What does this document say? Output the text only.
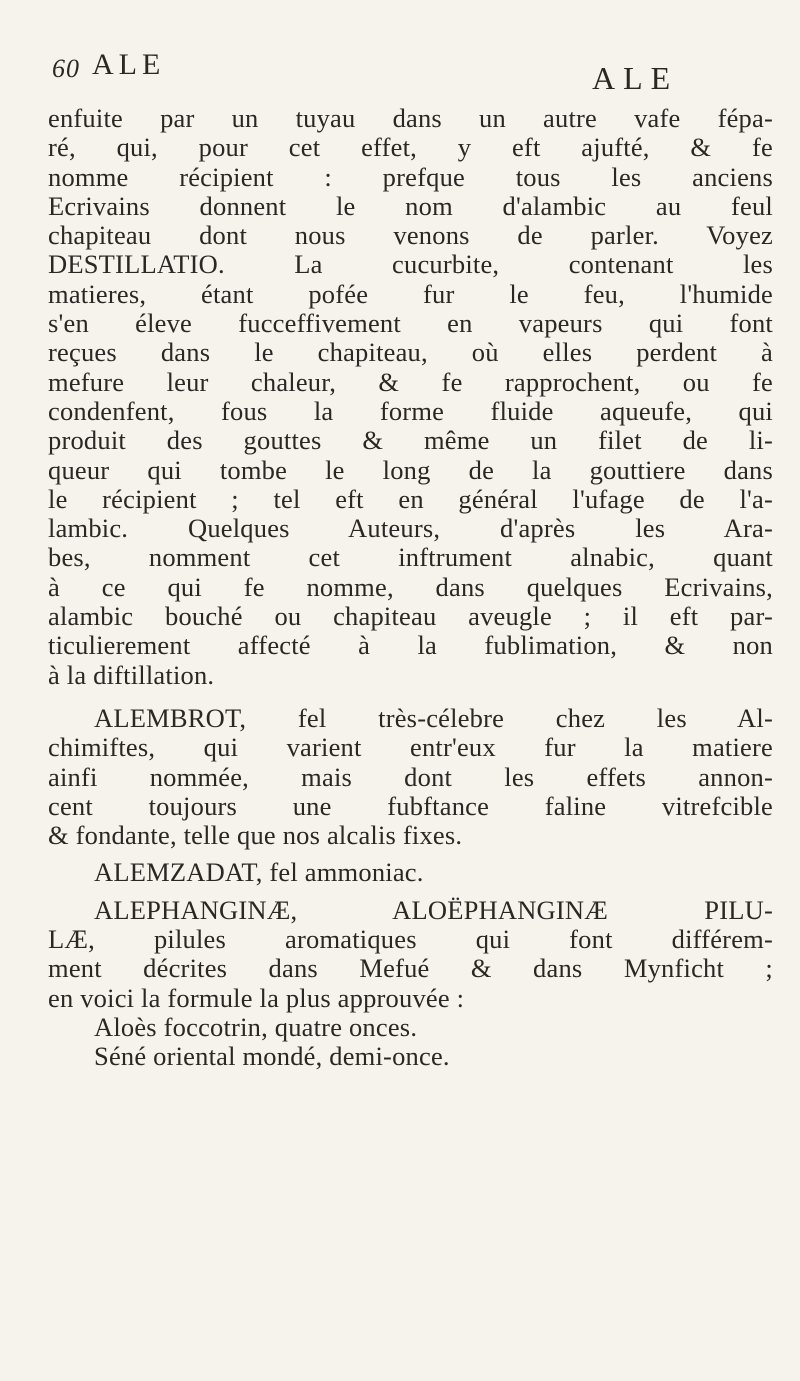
60 ALE	ALE
enfuite par un tuyau dans un autre vafe fépa-
ré, qui, pour cet effet, y eft ajufté, & fe
nomme récipient : prefque tous les anciens
Ecrivains donnent le nom d'alambic au feul
chapiteau dont nous venons de parler. Voyez
DESTILLATIO. La cucurbite, contenant les
matieres, étant pofée fur le feu, l'humide
s'en éleve fucceffivement en vapeurs qui font
reçues dans le chapiteau, où elles perdent à
mefure leur chaleur, & fe rapprochent, ou fe
condenfent, fous la forme fluide aqueufe, qui
produit des gouttes & même un filet de li-
queur qui tombe le long de la gouttiere dans
le récipient ; tel eft en général l'ufage de l'a-
lambic. Quelques Auteurs, d'après les Ara-
bes, nomment cet inftrument alnabic, quant
à ce qui fe nomme, dans quelques Ecrivains,
alambic bouché ou chapiteau aveugle ; il eft par-
ticulierement affecté à la fublimation, & non
à la diftillation.
ALEMBROT, fel très-célebre chez les Al-
chimiftes, qui varient entr'eux fur la matiere
ainfi nommée, mais dont les effets annon-
cent toujours une fubftance faline vitrefcible
& fondante, telle que nos alcalis fixes.
ALEMZADAT, fel ammoniac.
ALEPHANGINÆ, ALOËPHANGINÆ PILU-
LÆ, pilules aromatiques qui font différem-
ment décrites dans Mefué & dans Mynficht ;
en voici la formule la plus approuvée :
Aloès foccotrin, quatre onces.
Séné oriental mondé, demi-once.
